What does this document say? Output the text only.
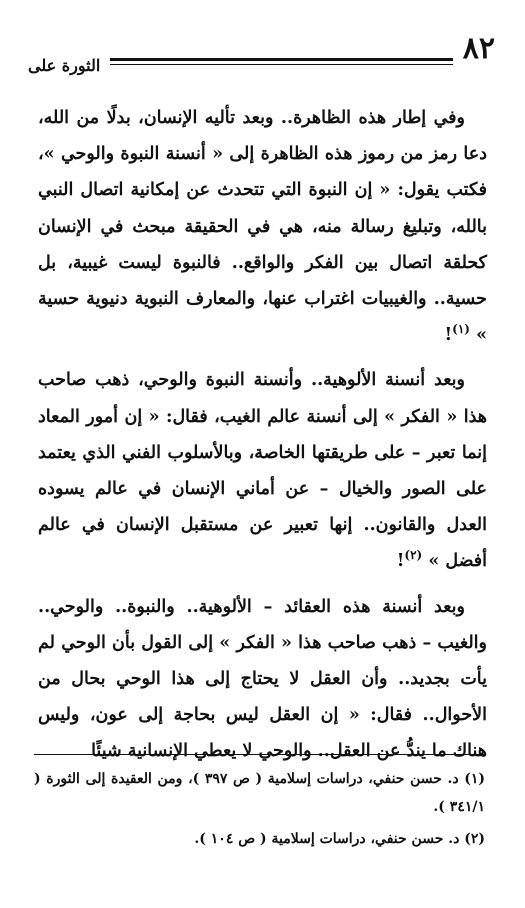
الثورة على	٨٢

وفي إطار هذه الظاهرة.. وبعد تأليه الإنسان، بدلًا من الله، دعا رمز من رموز هذه الظاهرة إلى « أنسنة النبوة والوحي »، فكتب يقول: « إن النبوة التي تتحدث عن إمكانية اتصال النبي بالله، وتبليغ رسالة منه، هي في الحقيقة مبحث في الإنسان كحلقة اتصال بين الفكر والواقع.. فالنبوة ليست غيبية، بل حسية.. والغيبيات اغتراب عنها، والمعارف النبوية دنيوية حسية » $^{(١)}$!

وبعد أنسنة الألوهية.. وأنسنة النبوة والوحي، ذهب صاحب هذا « الفكر » إلى أنسنة عالم الغيب، فقال: « إن أمور المعاد إنما تعبر – على طريقتها الخاصة، وبالأسلوب الفني الذي يعتمد على الصور والخيال – عن أماني الإنسان في عالم يسوده العدل والقانون.. إنها تعبير عن مستقبل الإنسان في عالم أفضل » $^{(٢)}$!

وبعد أنسنة هذه العقائد – الألوهية.. والنبوة.. والوحي.. والغيب – ذهب صاحب هذا « الفكر » إلى القول بأن الوحي لم يأت بجديد.. وأن العقل لا يحتاج إلى هذا الوحي بحال من الأحوال.. فقال: « إن العقل ليس بحاجة إلى عون، وليس هناك ما يندُّ عن العقل.. والوحي لا يعطي الإنسانية شيئًا

(١) د. حسن حنفي، دراسات إسلامية ( ص ٣٩٧ )، ومن العقيدة إلى الثورة ( ٣٤١/١ ).
(٢) د. حسن حنفي، دراسات إسلامية ( ص ١٠٤ ).
